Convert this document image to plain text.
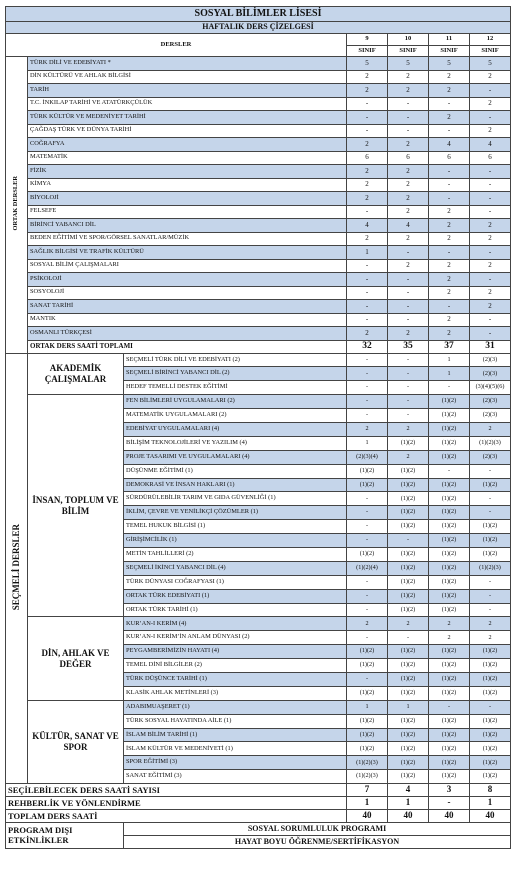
SOSYAL BİLİMLER LİSESİ						
HAFTALIK DERS ÇİZELGESİ						
DERSLER			9	10	11	12
			SINIF	SINIF	SINIF	SINIF
ORTAK DERSLER	TÜRK DİLİ VE EDEBİYATI *		5	5	5	5
	DİN KÜLTÜRÜ VE AHLAK BİLGİSİ		2	2	2	2
	TARİH		2	2	2	-
	T.C. İNKILAP TARİHİ VE ATATÜRKÇÜLÜK		-	-	-	2
	TÜRK KÜLTÜR VE MEDENİYET TARİHİ		-	-	2	-
	ÇAĞDAŞ TÜRK VE DÜNYA TARİHİ		-	-	-	2
	COĞRAFYA		2	2	4	4
	MATEMATİK		6	6	6	6
	FİZİK		2	2	-	-
	KİMYA		2	2	-	-
	BİYOLOJİ		2	2	-	-
	FELSEFE		-	2	2	-
	BİRİNCİ YABANCI DİL		4	4	2	2
	BEDEN EĞİTİMİ VE SPOR/GÖRSEL SANATLAR/MÜZİK		2	2	2	2
	SAĞLIK BİLGİSİ VE TRAFİK KÜLTÜRÜ		1	-	-	-
	SOSYAL BİLİM ÇALIŞMALARI		-	2	2	2
	PSİKOLOJİ		-	-	2	-
	SOSYOLOJİ		-	-	2	2
	SANAT TARİHİ		-	-	-	2
	MANTIK		-	-	2	-
	OSMANLI TÜRKÇESİ		2	2	2	-
	ORTAK DERS SAATİ TOPLAMI		32	35	37	31
SEÇMELİ DERSLER	AKADEMİK ÇALIŞMALAR	SEÇMELİ TÜRK DİLİ VE EDEBİYATI (2)	-	-	1	(2)(3)
		SEÇMELİ BİRİNCİ YABANCI DİL (2)	-	-	1	(2)(3)
		HEDEF TEMELLİ DESTEK EĞİTİMİ	-	-	-	(3)(4)(5)(6)
	İNSAN, TOPLUM VE BİLİM	FEN BİLİMLERİ UYGULAMALARI (2)	-	-	(1)(2)	(2)(3)
		MATEMATİK UYGULAMALARI (2)	-	-	(1)(2)	(2)(3)
		EDEBİYAT UYGULAMALARI (4)	2	2	(1)(2)	2
		BİLİŞİM TEKNOLOJİLERİ VE YAZILIM (4)	1	(1)(2)	(1)(2)	(1)(2)(3)
		PROJE TASARIMI VE UYGULAMALARI (4)	(2)(3)(4)	2	(1)(2)	(2)(3)
		DÜŞÜNME EĞİTİMİ (1)	(1)(2)	(1)(2)	-	-
		DEMOKRASİ VE İNSAN HAKLARI (1)	(1)(2)	(1)(2)	(1)(2)	(1)(2)
		SÜRDÜRÜLEBİLİR TARIM VE GIDA GÜVENLİĞİ (1)	-	(1)(2)	(1)(2)	-
		İKLİM, ÇEVRE VE YENİLİKÇİ ÇÖZÜMLER (1)	-	(1)(2)	(1)(2)	-
		TEMEL HUKUK BİLGİSİ (1)	-	(1)(2)	(1)(2)	(1)(2)
		GİRİŞİMCİLİK (1)	-	-	(1)(2)	(1)(2)
		METİN TAHLİLLERİ (2)	(1)(2)	(1)(2)	(1)(2)	(1)(2)
		SEÇMELİ İKİNCİ YABANCI DİL (4)	(1)(2)(4)	(1)(2)	(1)(2)	(1)(2)(3)
		TÜRK DÜNYASI COĞRAFYASI (1)	-	(1)(2)	(1)(2)	-
		ORTAK TÜRK EDEBİYATI (1)	-	(1)(2)	(1)(2)	-
		ORTAK TÜRK TARİHİ (1)	-	(1)(2)	(1)(2)	-
	DİN, AHLAK VE DEĞER	KUR’AN-I KERİM (4)	2	2	2	2
		KUR’AN-I KERİM’İN ANLAM DÜNYASI (2)	-	-	2	2
		PEYGAMBERİMİZİN HAYATI (4)	(1)(2)	(1)(2)	(1)(2)	(1)(2)
		TEMEL DİNİ BİLGİLER (2)	(1)(2)	(1)(2)	(1)(2)	(1)(2)
		TÜRK DÜŞÜNCE TARİHİ (1)	-	(1)(2)	(1)(2)	(1)(2)
		KLASİK AHLAK METİNLERİ (3)	(1)(2)	(1)(2)	(1)(2)	(1)(2)
	KÜLTÜR, SANAT VE SPOR	ADABIMUAŞERET (1)	1	1	-	-
		TÜRK SOSYAL HAYATINDA AİLE (1)	(1)(2)	(1)(2)	(1)(2)	(1)(2)
		İSLAM BİLİM TARİHİ (1)	(1)(2)	(1)(2)	(1)(2)	(1)(2)
		İSLAM KÜLTÜR VE MEDENİYETİ (1)	(1)(2)	(1)(2)	(1)(2)	(1)(2)
		SPOR EĞİTİMİ (3)	(1)(2)(3)	(1)(2)	(1)(2)	(1)(2)
		SANAT EĞİTİMİ (3)	(1)(2)(3)	(1)(2)	(1)(2)	(1)(2)
SEÇİLEBİLECEK DERS SAATİ SAYISI			7	4	3	8
REHBERLİK VE YÖNLENDİRME			1	1	-	1
TOPLAM DERS SAATİ			40	40	40	40
PROGRAM DIŞI ETKİNLİKLER		SOSYAL SORUMLULUK PROGRAMI				
		HAYAT BOYU ÖĞRENME/SERTİFİKASYON				
